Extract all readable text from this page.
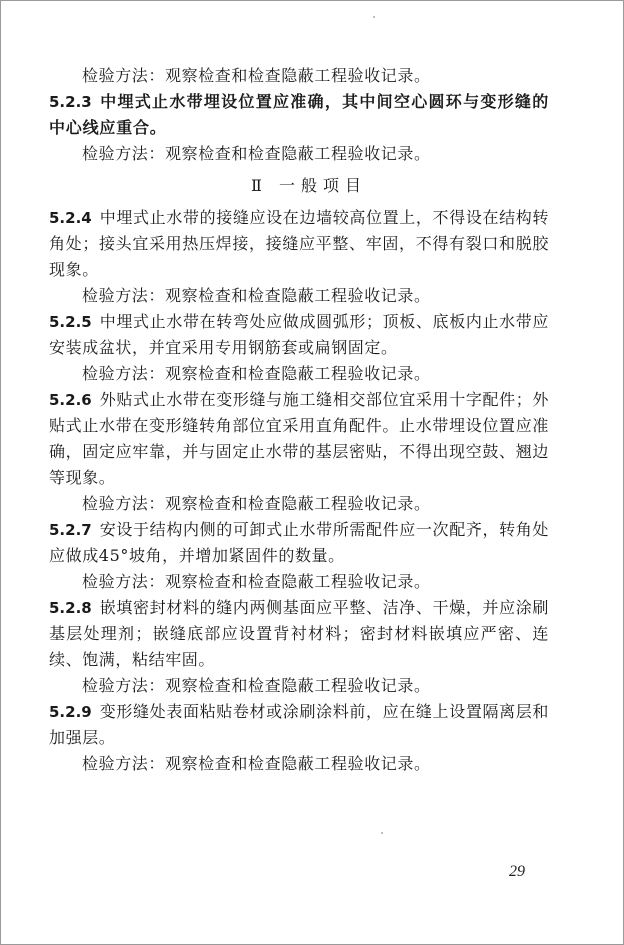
检验方法：观察检查和检查隐蔽工程验收记录。

5.2.3 中埋式止水带埋设位置应准确，其中间空心圆环与变形缝的中心线应重合。

检验方法：观察检查和检查隐蔽工程验收记录。

Ⅱ 一般项目

5.2.4 中埋式止水带的接缝应设在边墙较高位置上，不得设在结构转角处；接头宜采用热压焊接，接缝应平整、牢固，不得有裂口和脱胶现象。

检验方法：观察检查和检查隐蔽工程验收记录。

5.2.5 中埋式止水带在转弯处应做成圆弧形；顶板、底板内止水带应安装成盆状，并宜采用专用钢筋套或扁钢固定。

检验方法：观察检查和检查隐蔽工程验收记录。

5.2.6 外贴式止水带在变形缝与施工缝相交部位宜采用十字配件；外贴式止水带在变形缝转角部位宜采用直角配件。止水带埋设位置应准确，固定应牢靠，并与固定止水带的基层密贴，不得出现空鼓、翘边等现象。

检验方法：观察检查和检查隐蔽工程验收记录。

5.2.7 安设于结构内侧的可卸式止水带所需配件应一次配齐，转角处应做成45°坡角，并增加紧固件的数量。

检验方法：观察检查和检查隐蔽工程验收记录。

5.2.8 嵌填密封材料的缝内两侧基面应平整、洁净、干燥，并应涂刷基层处理剂；嵌缝底部应设置背衬材料；密封材料嵌填应严密、连续、饱满，粘结牢固。

检验方法：观察检查和检查隐蔽工程验收记录。

5.2.9 变形缝处表面粘贴卷材或涂刷涂料前，应在缝上设置隔离层和加强层。

检验方法：观察检查和检查隐蔽工程验收记录。

29
